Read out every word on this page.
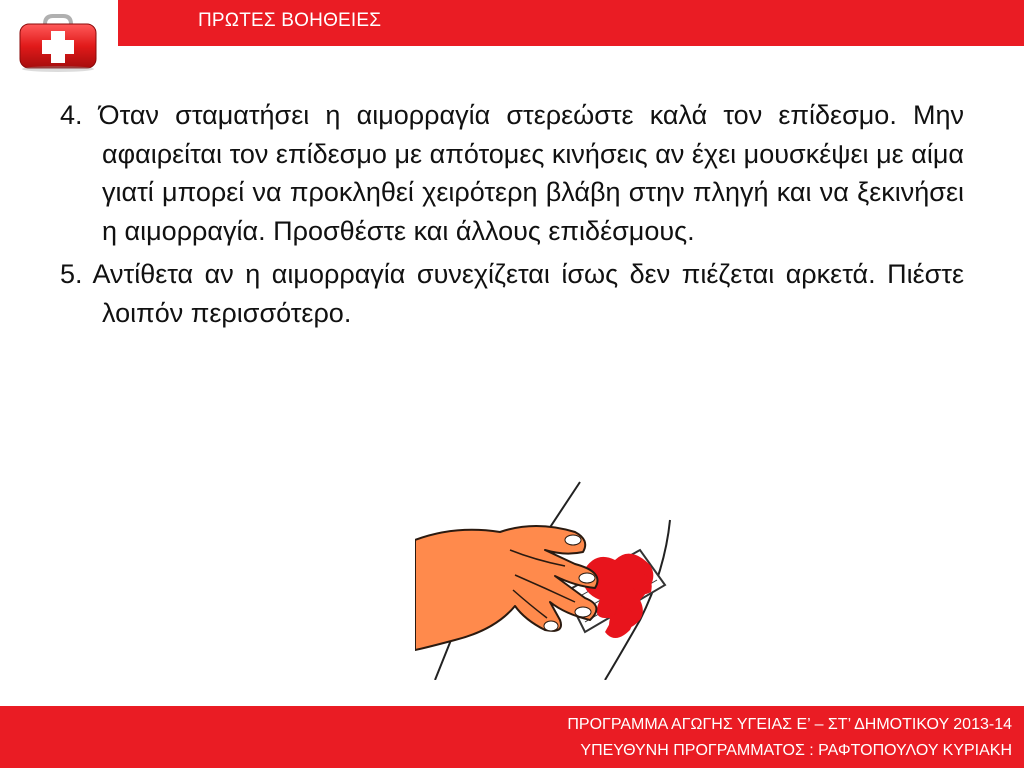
ΠΡΩΤΕΣ ΒΟΗΘΕΙΕΣ

4. Όταν σταματήσει η αιμορραγία στερεώστε καλά τον επίδεσμο. Μην αφαιρείται τον επίδεσμο με απότομες κινήσεις αν έχει μουσκέψει με αίμα γιατί μπορεί να προκληθεί χειρότερη βλάβη στην πληγή και να ξεκινήσει η αιμορραγία. Προσθέστε και άλλους επιδέσμους.

5. Αντίθετα αν η αιμορραγία συνεχίζεται ίσως δεν πιέζεται αρκετά. Πιέστε λοιπόν περισσότερο.

ΠΡΟΓΡΑΜΜΑ ΑΓΩΓΗΣ ΥΓΕΙΑΣ Ε’ – ΣΤ’ ΔΗΜΟΤΙΚΟΥ 2013-14
ΥΠΕΥΘΥΝΗ ΠΡΟΓΡΑΜΜΑΤΟΣ : ΡΑΦΤΟΠΟΥΛΟΥ ΚΥΡΙΑΚΗ
